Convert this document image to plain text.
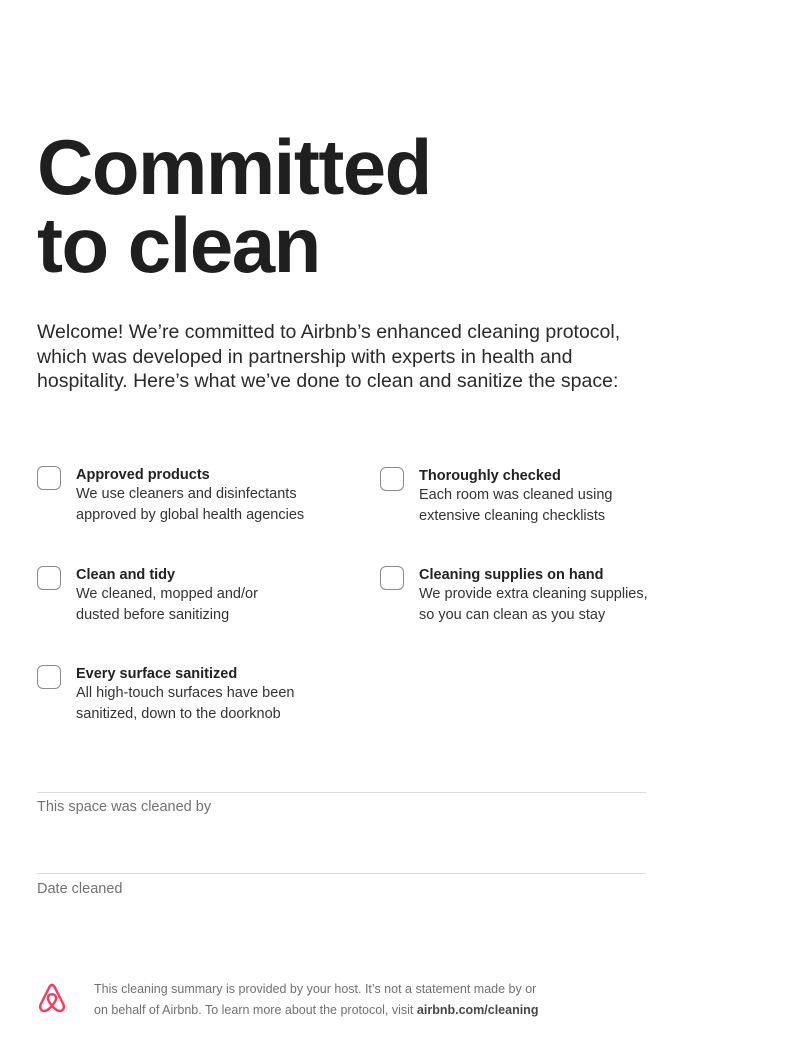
Committed
to clean

Welcome! We’re committed to Airbnb’s enhanced cleaning protocol, which was developed in partnership with experts in health and hospitality. Here’s what we’ve done to clean and sanitize the space:

Approved products

We use cleaners and disinfectants

approved by global health agencies

Thoroughly checked

Each room was cleaned using

extensive cleaning checklists

Clean and tidy

We cleaned, mopped and/or

dusted before sanitizing

Cleaning supplies on hand

We provide extra cleaning supplies,

so you can clean as you stay

Every surface sanitized

All high-touch surfaces have been

sanitized, down to the doorknob

This space was cleaned by
Date cleaned

This cleaning summary is provided by your host. It’s not a statement made by or
on behalf of Airbnb. To learn more about the protocol, visit airbnb.com/cleaning
